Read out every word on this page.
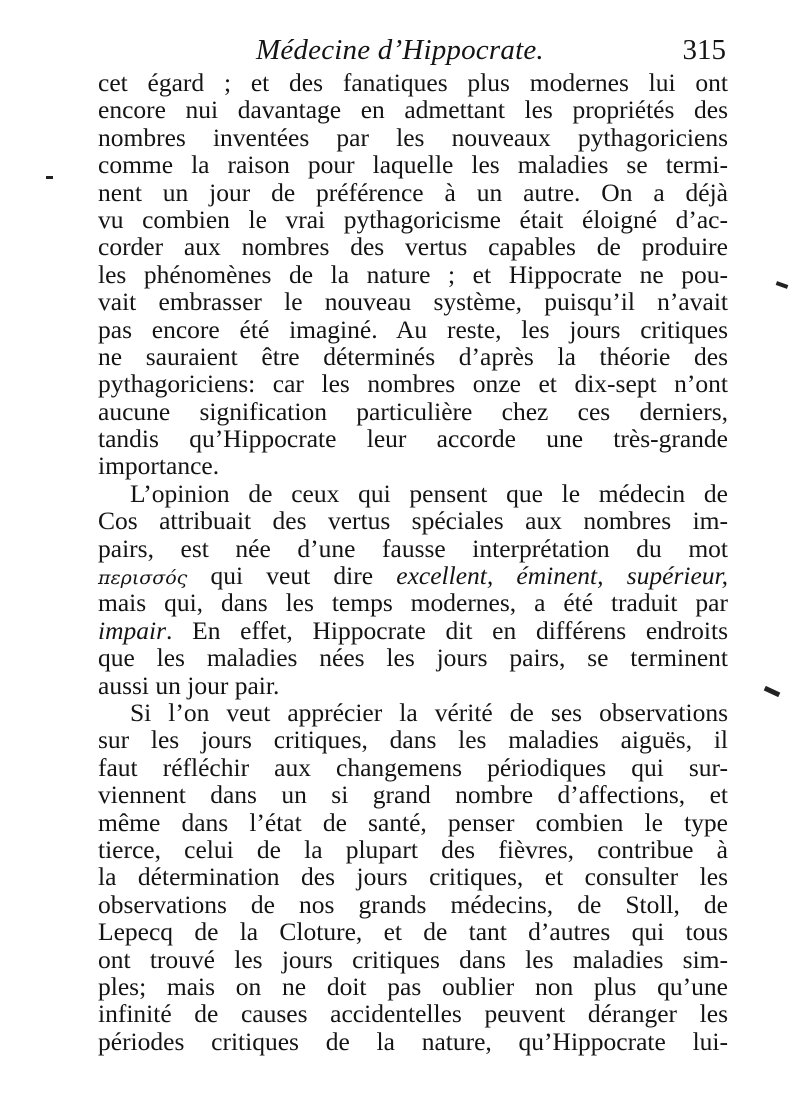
Médecine d’Hippocrate.	315
cet égard ; et des fanatiques plus modernes lui ont
encore nui davantage en admettant les propriétés des
nombres inventées par les nouveaux pythagoriciens
comme la raison pour laquelle les maladies se termi-
nent un jour de préférence à un autre. On a déjà
vu combien le vrai pythagoricisme était éloigné d’ac-
corder aux nombres des vertus capables de produire
les phénomènes de la nature ; et Hippocrate ne pou-
vait embrasser le nouveau système, puisqu’il n’avait
pas encore été imaginé. Au reste, les jours critiques
ne sauraient être déterminés d’après la théorie des
pythagoriciens: car les nombres onze et dix-sept n’ont
aucune signification particulière chez ces derniers,
tandis qu’Hippocrate leur accorde une très-grande
importance.
L’opinion de ceux qui pensent que le médecin de
Cos attribuait des vertus spéciales aux nombres im-
pairs, est née d’une fausse interprétation du mot
περισσός qui veut dire excellent, éminent, supérieur,
mais qui, dans les temps modernes, a été traduit par
impair. En effet, Hippocrate dit en différens endroits
que les maladies nées les jours pairs, se terminent
aussi un jour pair.
Si l’on veut apprécier la vérité de ses observations
sur les jours critiques, dans les maladies aiguës, il
faut réfléchir aux changemens périodiques qui sur-
viennent dans un si grand nombre d’affections, et
même dans l’état de santé, penser combien le type
tierce, celui de la plupart des fièvres, contribue à
la détermination des jours critiques, et consulter les
observations de nos grands médecins, de Stoll, de
Lepecq de la Cloture, et de tant d’autres qui tous
ont trouvé les jours critiques dans les maladies sim-
ples; mais on ne doit pas oublier non plus qu’une
infinité de causes accidentelles peuvent déranger les
périodes critiques de la nature, qu’Hippocrate lui-
